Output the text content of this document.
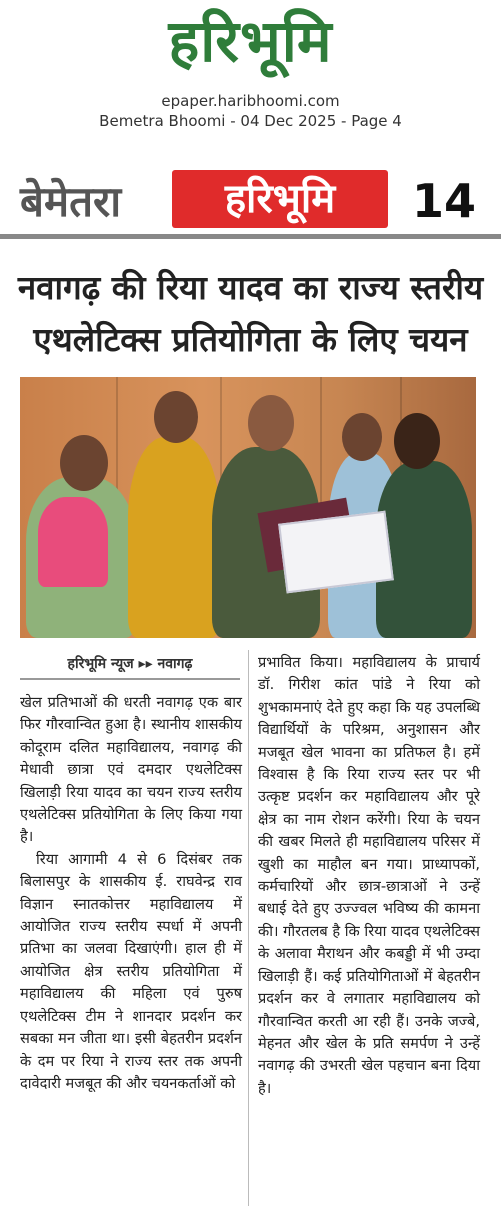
हरिभूमि
epaper.haribhoomi.com
Bemetra Bhoomi - 04 Dec 2025 - Page 4
बेमेतरा	हरिभूमि	14
नवागढ़ की रिया यादव का राज्य स्तरीय
एथलेटिक्स प्रतियोगिता के लिए चयन
हरिभूमि न्यूज ▸▸ नवागढ़

खेल प्रतिभाओं की धरती नवागढ़ एक बार फिर गौरवान्वित हुआ है। स्थानीय शासकीय कोदूराम दलित महाविद्यालय, नवागढ़ की मेधावी छात्रा एवं दमदार एथलेटिक्स खिलाड़ी रिया यादव का चयन राज्य स्तरीय एथलेटिक्स प्रतियोगिता के लिए किया गया है।

रिया आगामी 4 से 6 दिसंबर तक बिलासपुर के शासकीय ई. राघवेन्द्र राव विज्ञान स्नातकोत्तर महाविद्यालय में आयोजित राज्य स्तरीय स्पर्धा में अपनी प्रतिभा का जलवा दिखाएंगी। हाल ही में आयोजित क्षेत्र स्तरीय प्रतियोगिता में महाविद्यालय की महिला एवं पुरुष एथलेटिक्स टीम ने शानदार प्रदर्शन कर सबका मन जीता था। इसी बेहतरीन प्रदर्शन के दम पर रिया ने राज्य स्तर तक अपनी दावेदारी मजबूत की और चयनकर्ताओं को

प्रभावित किया। महाविद्यालय के प्राचार्य डॉ. गिरीश कांत पांडे ने रिया को शुभकामनाएं देते हुए कहा कि यह उपलब्धि विद्यार्थियों के परिश्रम, अनुशासन और मजबूत खेल भावना का प्रतिफल है। हमें विश्वास है कि रिया राज्य स्तर पर भी उत्कृष्ट प्रदर्शन कर महाविद्यालय और पूरे क्षेत्र का नाम रोशन करेंगी। रिया के चयन की खबर मिलते ही महाविद्यालय परिसर में खुशी का माहौल बन गया। प्राध्यापकों, कर्मचारियों और छात्र-छात्राओं ने उन्हें बधाई देते हुए उज्ज्वल भविष्य की कामना की। गौरतलब है कि रिया यादव एथलेटिक्स के अलावा मैराथन और कबड्डी में भी उम्दा खिलाड़ी हैं। कई प्रतियोगिताओं में बेहतरीन प्रदर्शन कर वे लगातार महाविद्यालय को गौरवान्वित करती आ रही हैं। उनके जज्बे, मेहनत और खेल के प्रति समर्पण ने उन्हें नवागढ़ की उभरती खेल पहचान बना दिया है।
